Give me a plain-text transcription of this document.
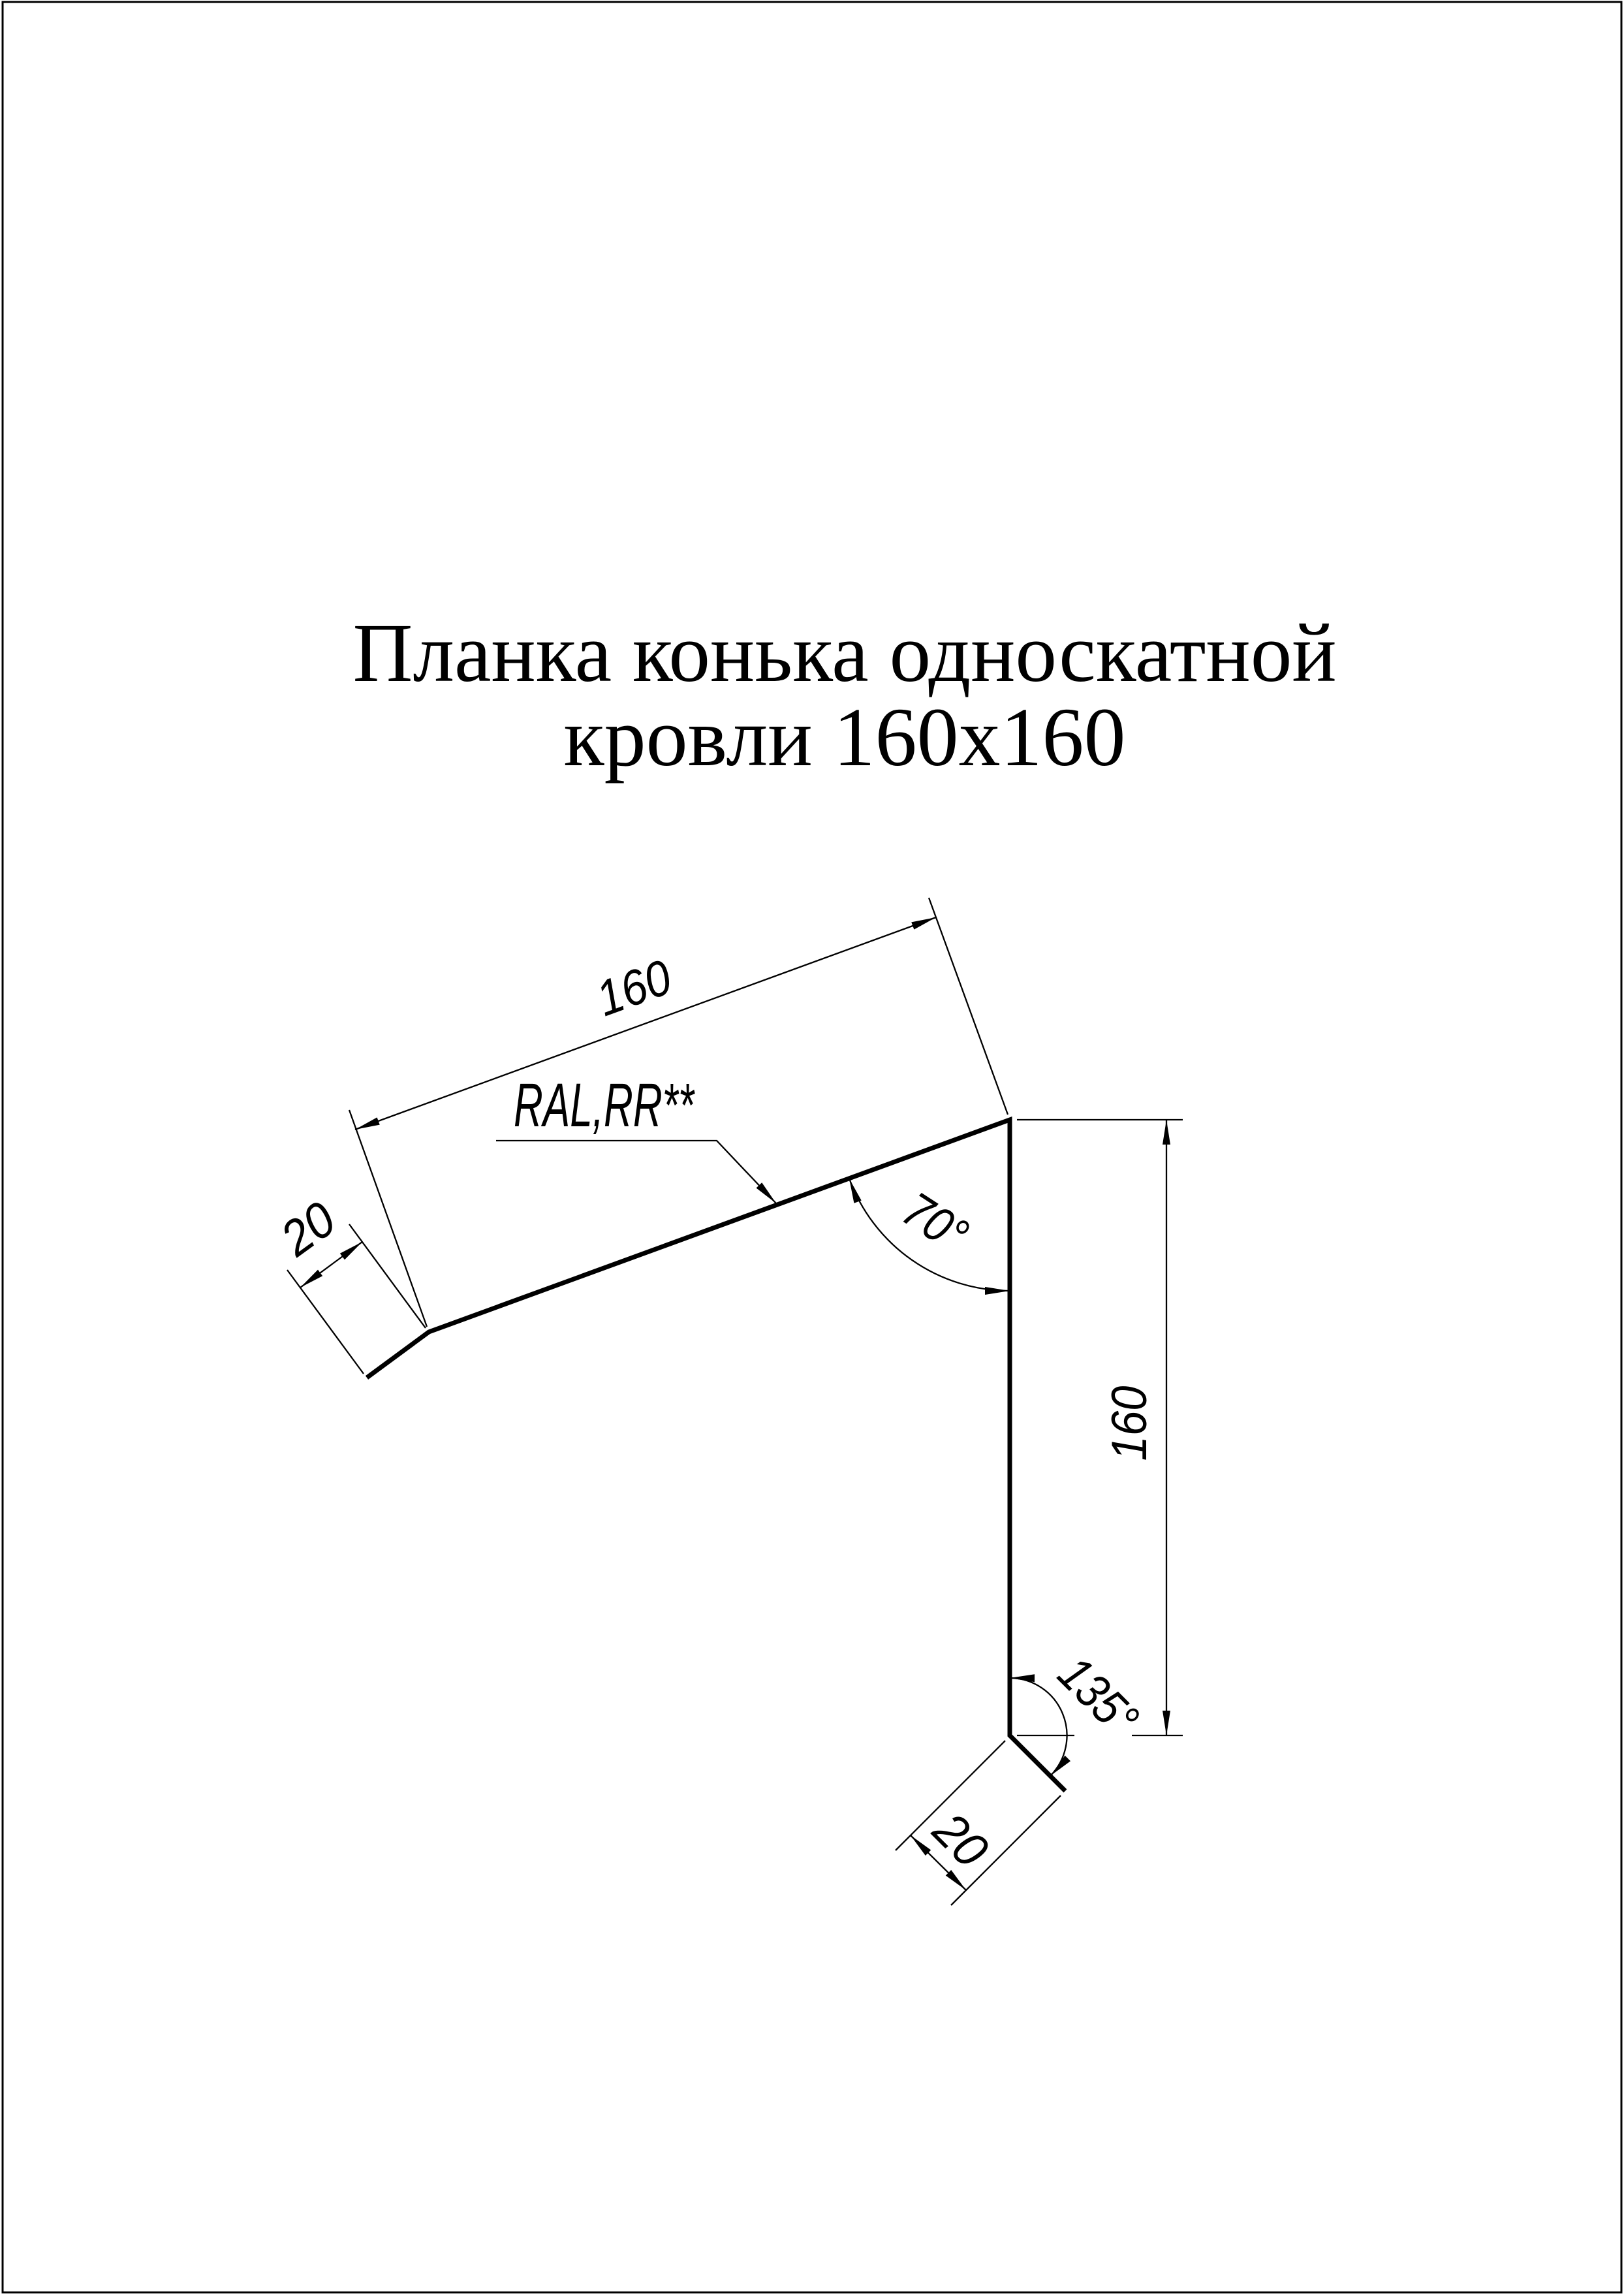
Планка конька односкатной
кровли 160х160
160
20
160
20
70°
135°
RAL,RR**
